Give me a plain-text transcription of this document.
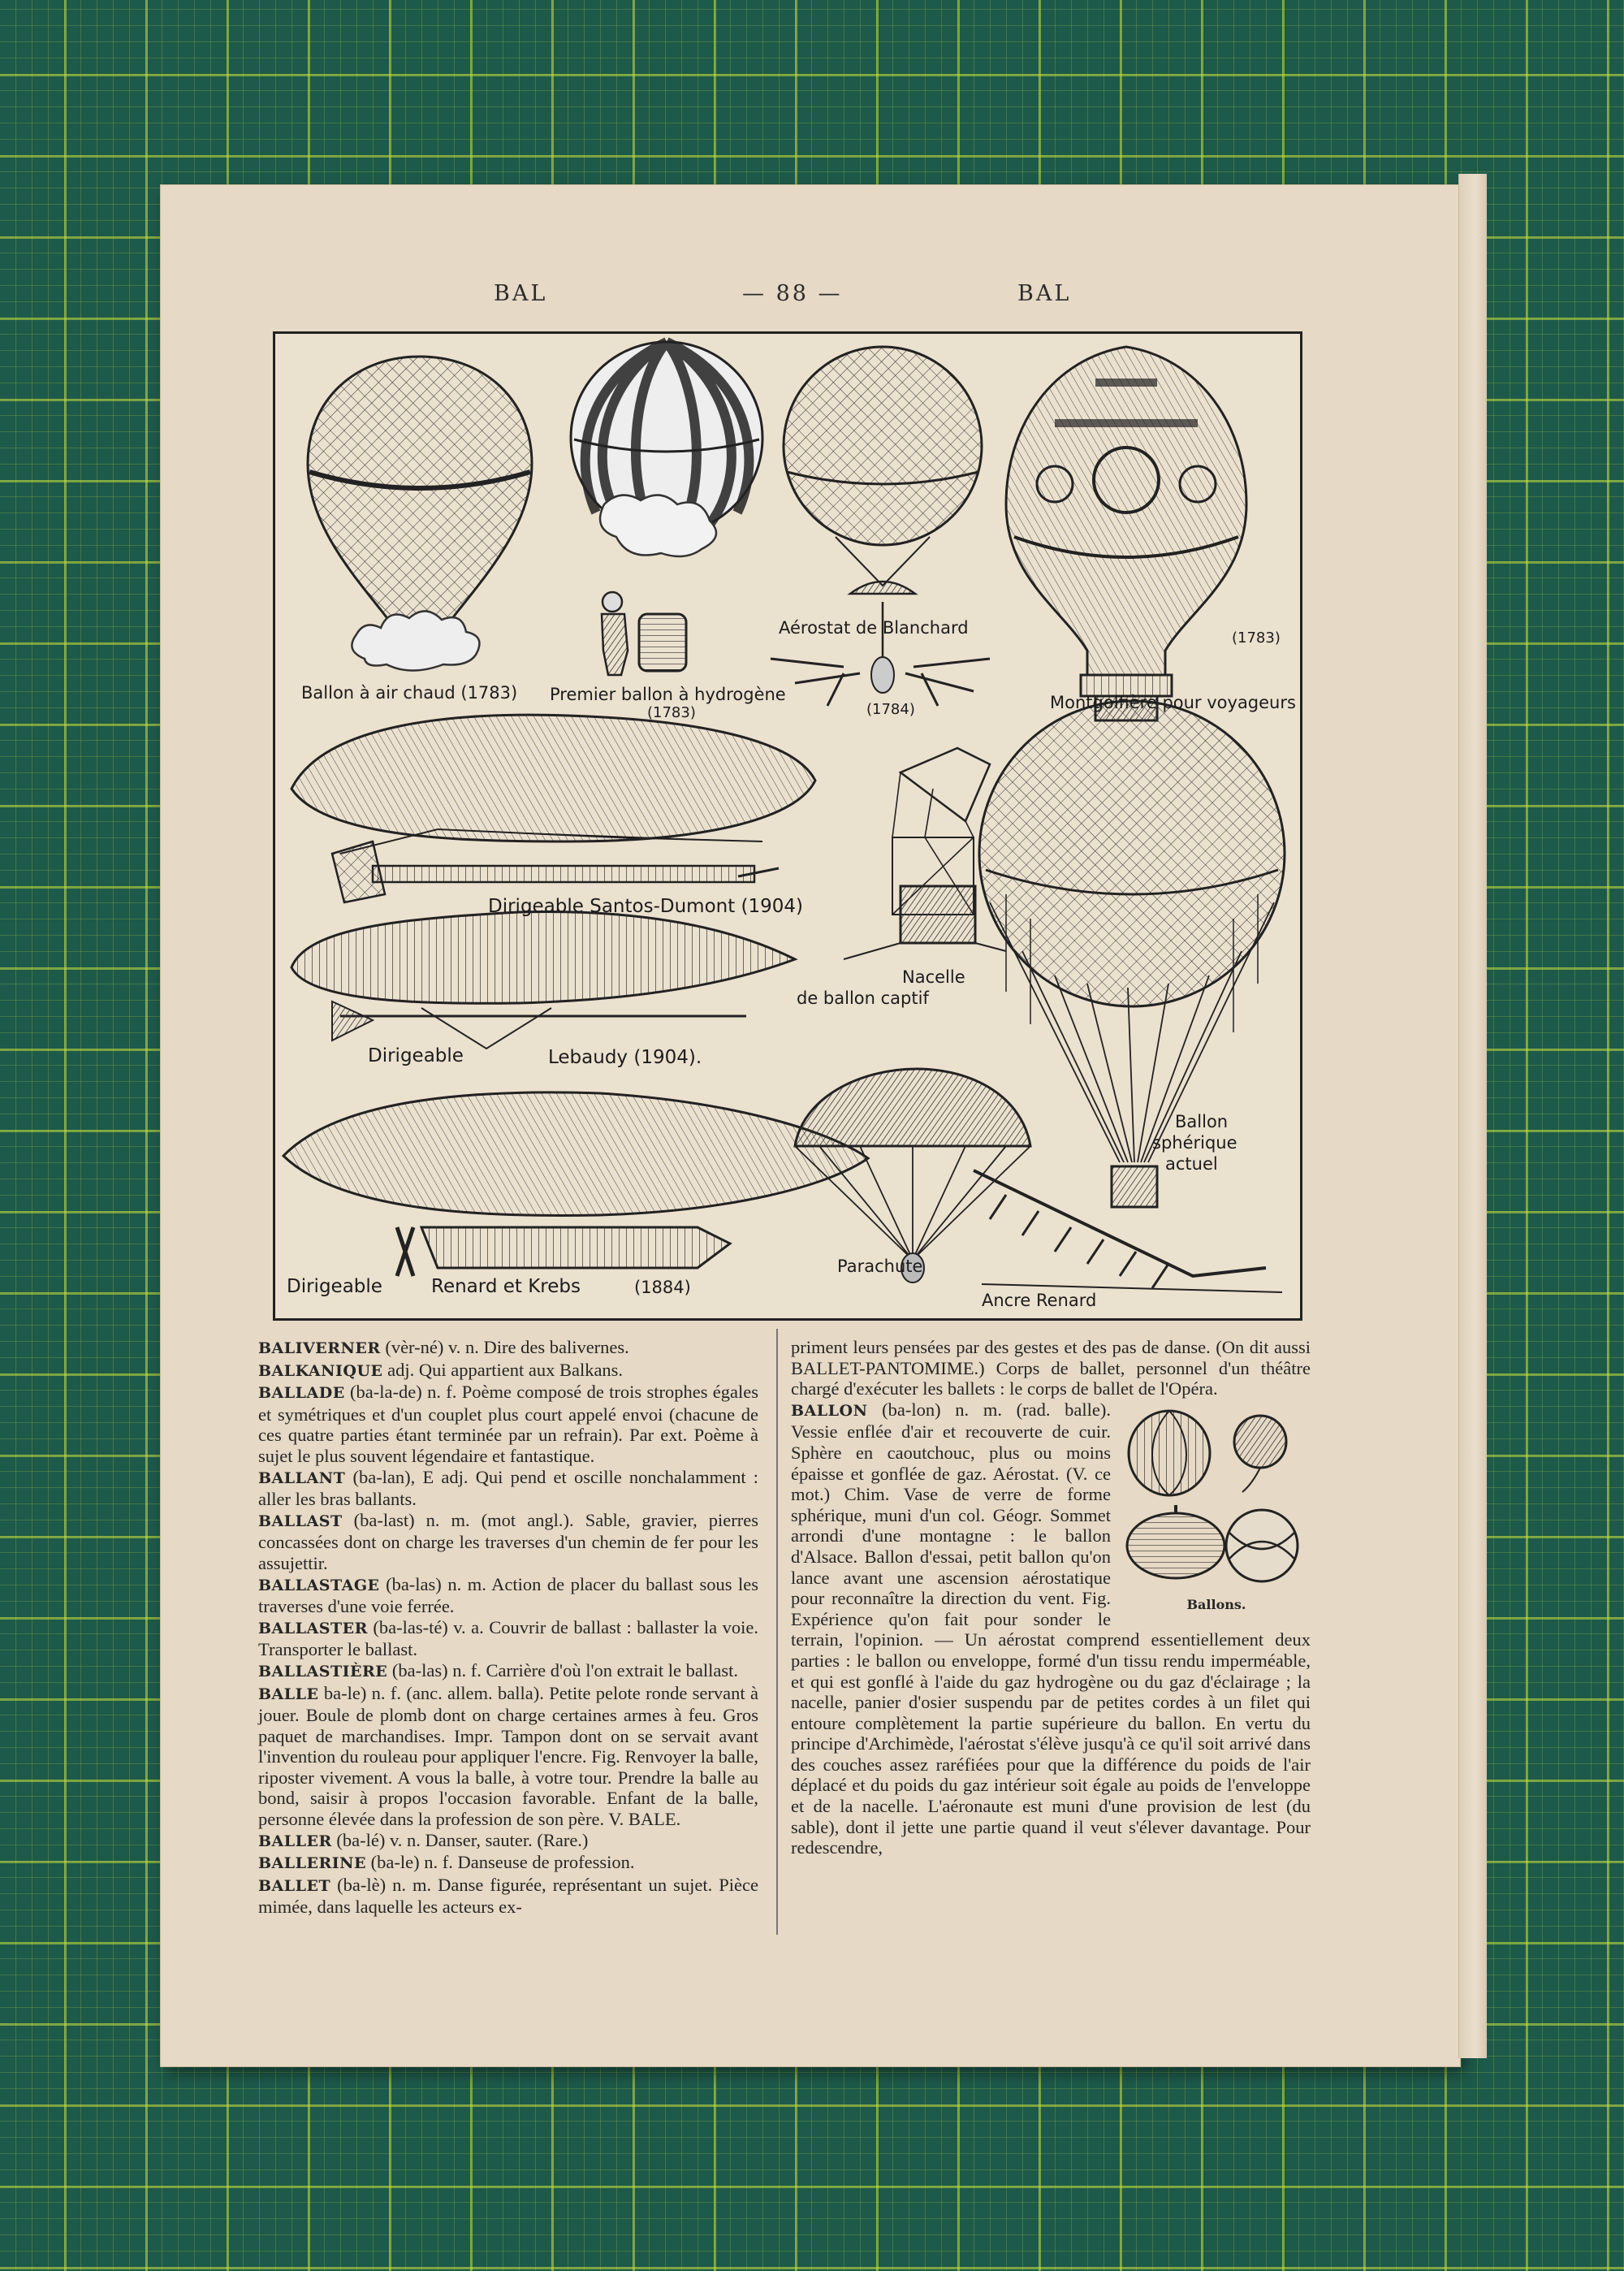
BAL	— 88 —	BAL
Ballon à air chaud (1783) Premier ballon à hydrogène
(1783)
Aérostat de Blanchard
(1784)
(1783)
Montgolfière pour voyageurs
Dirigeable Santos-Dumont (1904)
Nacelle
de ballon captif
Dirigeable	Lebaudy (1904).
Ballon
sphérique
actuel
Parachute
Dirigeable	Renard et Krebs	(1884)
Ancre Renard

BALIVERNER (vèr-né) v. n. Dire des balivernes.

BALKANIQUE adj. Qui appartient aux Balkans.

BALLADE (ba-la-de) n. f. Poème composé de trois strophes égales et symétriques et d'un couplet plus court appelé envoi (chacune de ces quatre parties étant terminée par un refrain). Par ext. Poème à sujet le plus souvent légendaire et fantastique.

BALLANT (ba-lan), E adj. Qui pend et oscille nonchalamment : aller les bras ballants.

BALLAST (ba-last) n. m. (mot angl.). Sable, gravier, pierres concassées dont on charge les traverses d'un chemin de fer pour les assujettir.

BALLASTAGE (ba-las) n. m. Action de placer du ballast sous les traverses d'une voie ferrée.

BALLASTER (ba-las-té) v. a. Couvrir de ballast : ballaster la voie. Transporter le ballast.

BALLASTIÈRE (ba-las) n. f. Carrière d'où l'on extrait le ballast.

BALLE ba-le) n. f. (anc. allem. balla). Petite pelote ronde servant à jouer. Boule de plomb dont on charge certaines armes à feu. Gros paquet de marchandises. Impr. Tampon dont on se servait avant l'invention du rouleau pour appliquer l'encre. Fig. Renvoyer la balle, riposter vivement. A vous la balle, à votre tour. Prendre la balle au bond, saisir à propos l'occasion favorable. Enfant de la balle, personne élevée dans la profession de son père. V. BALE.

BALLER (ba-lé) v. n. Danser, sauter. (Rare.)

BALLERINE (ba-le) n. f. Danseuse de profession.

BALLET (ba-lè) n. m. Danse figurée, représentant un sujet. Pièce mimée, dans laquelle les acteurs ex-

priment leurs pensées par des gestes et des pas de danse. (On dit aussi BALLET-PANTOMIME.) Corps de ballet, personnel d'un théâtre chargé d'exécuter les ballets : le corps de ballet de l'Opéra.

Ballons.
BALLON (ba-lon) n. m. (rad. balle). Vessie enflée d'air et recouverte de cuir. Sphère en caoutchouc, plus ou moins épaisse et gonflée de gaz. Aérostat. (V. ce mot.) Chim. Vase de verre de forme sphérique, muni d'un col. Géogr. Sommet arrondi d'une montagne : le ballon d'Alsace. Ballon d'essai, petit ballon qu'on lance avant une ascension aérostatique pour reconnaître la direction du vent. Fig. Expérience qu'on fait pour sonder le terrain, l'opinion. — Un aérostat comprend essentiellement deux parties : le ballon ou enveloppe, formé d'un tissu rendu imperméable, et qui est gonflé à l'aide du gaz hydrogène ou du gaz d'éclairage ; la nacelle, panier d'osier suspendu par de petites cordes à un filet qui entoure complètement la partie supérieure du ballon. En vertu du principe d'Archimède, l'aérostat s'élève jusqu'à ce qu'il soit arrivé dans des couches assez raréfiées pour que la différence du poids de l'air déplacé et du poids du gaz intérieur soit égale au poids de l'enveloppe et de la nacelle. L'aéronaute est muni d'une provision de lest (du sable), dont il jette une partie quand il veut s'élever davantage. Pour redescendre,
